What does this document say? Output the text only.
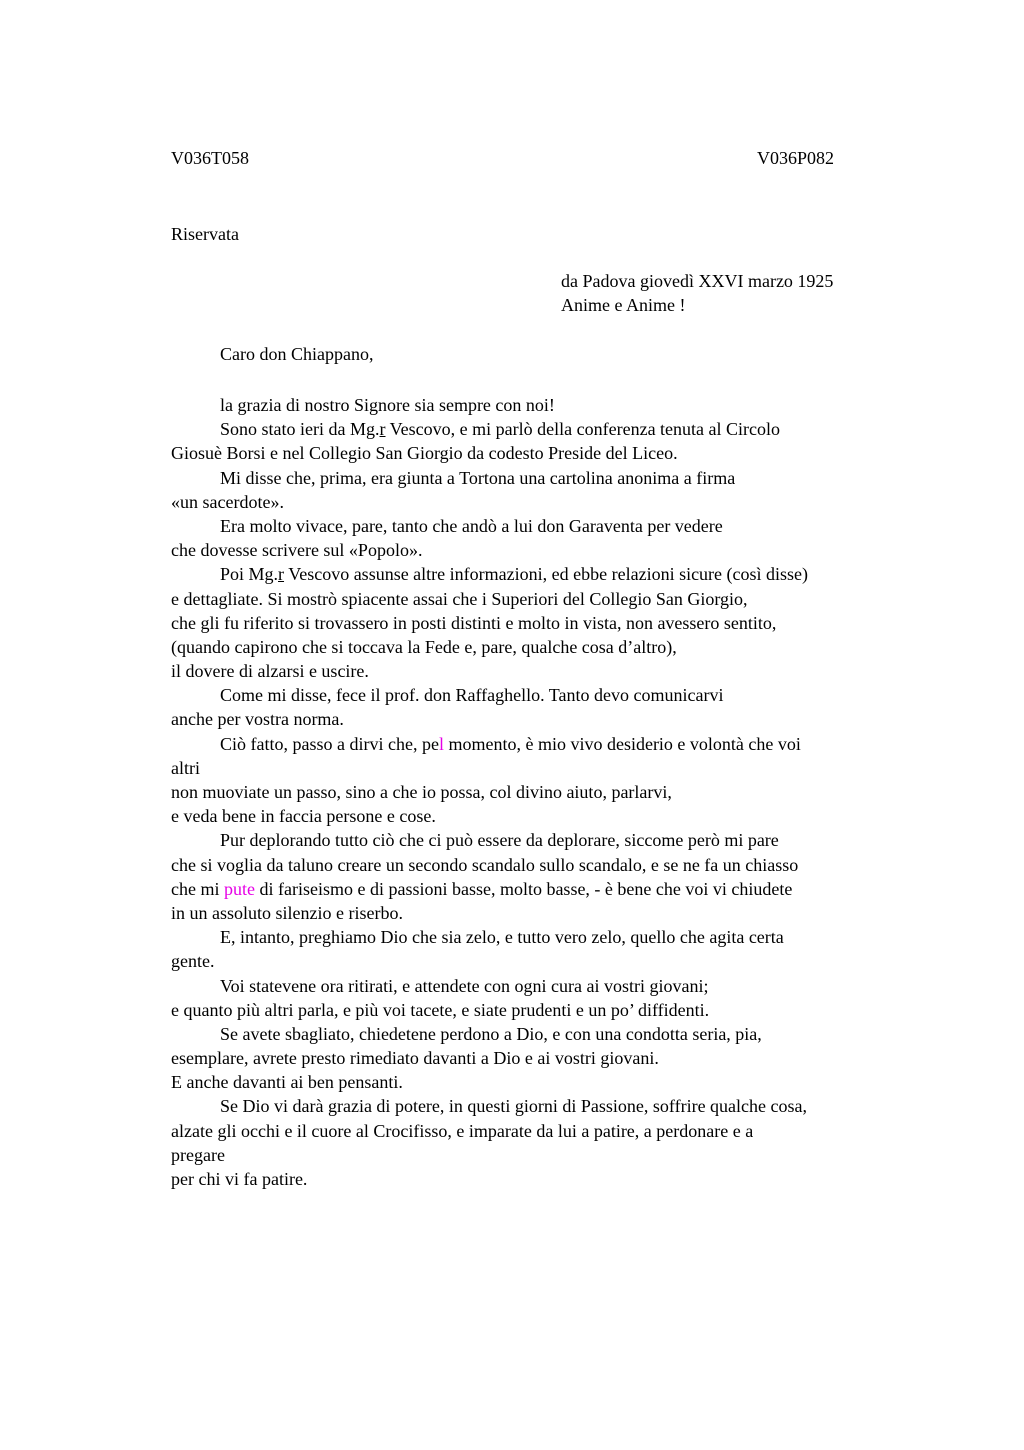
V036T058	V036P082
Riservata
da Padova giovedì XXVI marzo 1925
Anime e Anime !
Caro don Chiappano,
la grazia di nostro Signore sia sempre con noi!
Sono stato ieri da Mg.r Vescovo, e mi parlò della conferenza tenuta al Circolo
Giosuè Borsi e nel Collegio San Giorgio da codesto Preside del Liceo.
Mi disse che, prima, era giunta a Tortona una cartolina anonima a firma
«un sacerdote».
Era molto vivace, pare, tanto che andò a lui don Garaventa per vedere
che dovesse scrivere sul «Popolo».
Poi Mg.r Vescovo assunse altre informazioni, ed ebbe relazioni sicure (così disse)
e dettagliate. Si mostrò spiacente assai che i Superiori del Collegio San Giorgio,
che gli fu riferito si trovassero in posti distinti e molto in vista, non avessero sentito,
(quando capirono che si toccava la Fede e, pare, qualche cosa d’altro),
il dovere di alzarsi e uscire.
Come mi disse, fece il prof. don Raffaghello. Tanto devo comunicarvi
anche per vostra norma.
Ciò fatto, passo a dirvi che, pel momento, è mio vivo desiderio e volontà che voi
altri
non muoviate un passo, sino a che io possa, col divino aiuto, parlarvi,
e veda bene in faccia persone e cose.
Pur deplorando tutto ciò che ci può essere da deplorare, siccome però mi pare
che si voglia da taluno creare un secondo scandalo sullo scandalo, e se ne fa un chiasso
che mi pute di fariseismo e di passioni basse, molto basse, - è bene che voi vi chiudete
in un assoluto silenzio e riserbo.
E, intanto, preghiamo Dio che sia zelo, e tutto vero zelo, quello che agita certa
gente.
Voi statevene ora ritirati, e attendete con ogni cura ai vostri giovani;
e quanto più altri parla, e più voi tacete, e siate prudenti e un po’ diffidenti.
Se avete sbagliato, chiedetene perdono a Dio, e con una condotta seria, pia,
esemplare, avrete presto rimediato davanti a Dio e ai vostri giovani.
E anche davanti ai ben pensanti.
Se Dio vi darà grazia di potere, in questi giorni di Passione, soffrire qualche cosa,
alzate gli occhi e il cuore al Crocifisso, e imparate da lui a patire, a perdonare e a
pregare
per chi vi fa patire.
